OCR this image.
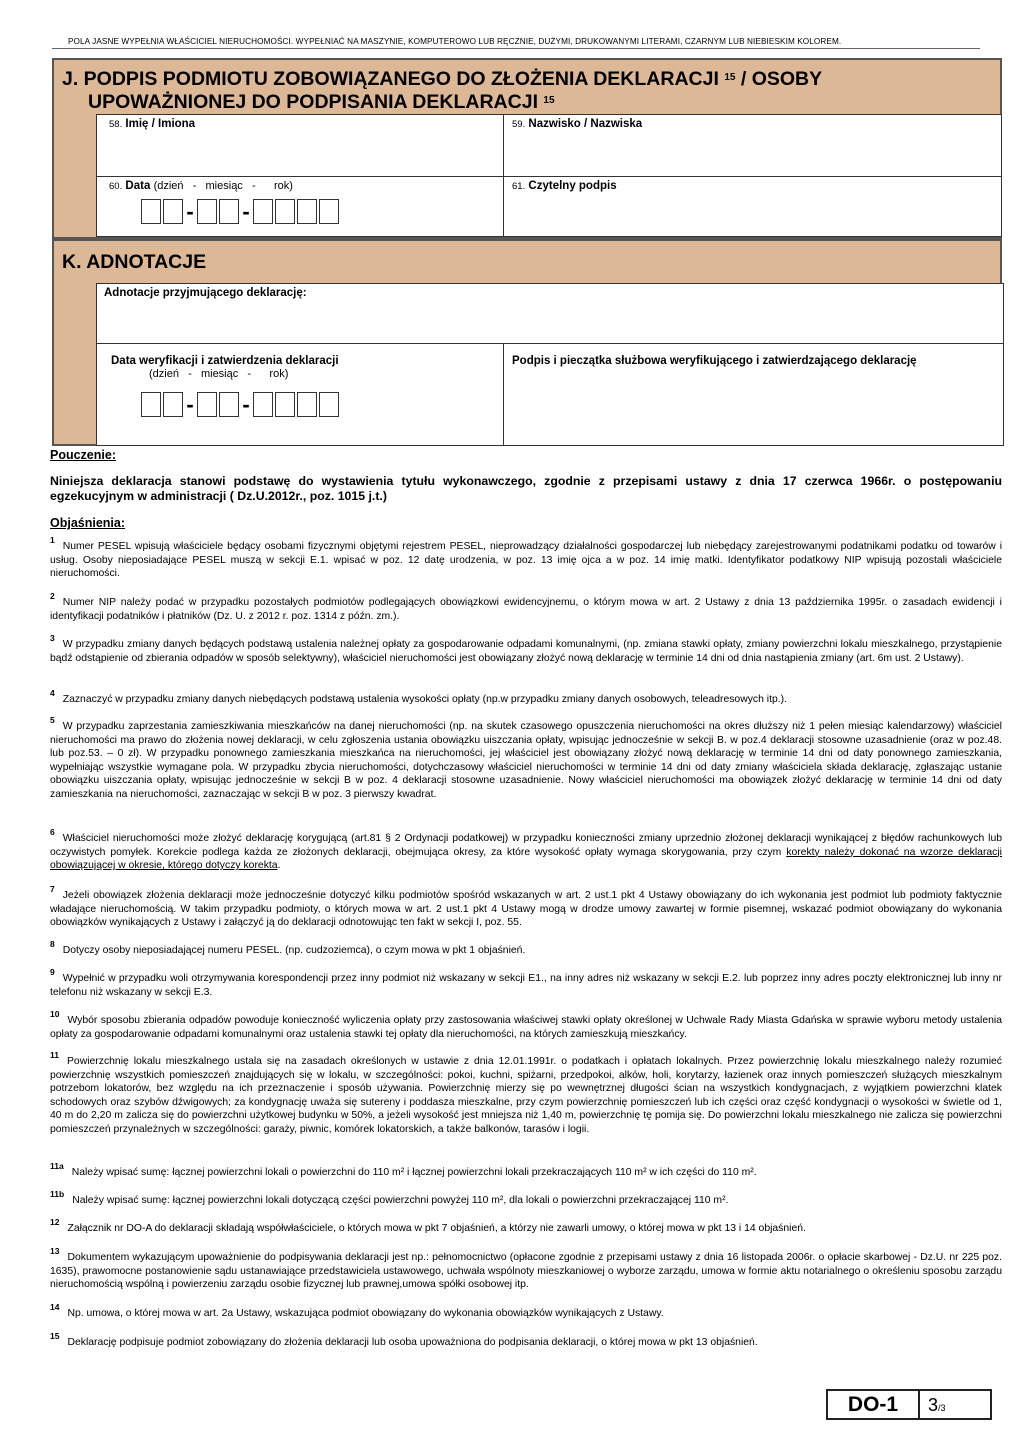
POLA JASNE WYPEŁNIA WŁAŚCICIEL NIERUCHOMOŚCI. WYPEŁNIAĆ NA MASZYNIE, KOMPUTEROWO LUB RĘCZNIE, DUŻYMI, DRUKOWANYMI LITERAMI, CZARNYM LUB NIEBIESKIM KOLOREM.
J. PODPIS PODMIOTU ZOBOWIĄZANEGO DO ZŁOŻENIA DEKLARACJI $^{15}$ / OSOBY
UPOWAŻNIONEJ DO PODPISANIA DEKLARACJI $^{15}$
58. Imię / Imiona	59. Nazwisko / Nazwiska
60. Data (dzień   -   miesiąc   -      rok)
- -
61. Czytelny podpis
K. ADNOTACJE
Adnotacje przyjmującego deklarację:
Data weryfikacji i zatwierdzenia deklaracji
(dzień   -   miesiąc   -      rok)
- -
Podpis i pieczątka służbowa weryfikującego i zatwierdzającego deklarację
Pouczenie:
Niniejsza deklaracja stanowi podstawę do wystawienia tytułu wykonawczego, zgodnie z przepisami ustawy z dnia 17 czerwca 1966r. o postępowaniu egzekucyjnym w administracji ( Dz.U.2012r., poz. 1015 j.t.)
Objaśnienia:
$^1$Numer PESEL wpisują właściciele będący osobami fizycznymi objętymi rejestrem PESEL, nieprowadzący działalności gospodarczej lub niebędący zarejestrowanymi podatnikami podatku od towarów i usług. Osoby nieposiadające PESEL muszą w sekcji E.1. wpisać w poz. 12 datę urodzenia, w poz. 13 imię ojca a w poz. 14 imię matki. Identyfikator podatkowy NIP wpisują pozostali właściciele nieruchomości.
$^2$Numer NIP należy podać w przypadku pozostałych podmiotów podlegających obowiązkowi ewidencyjnemu, o którym mowa w art. 2 Ustawy z dnia 13 października 1995r. o zasadach ewidencji i identyfikacji podatników i płatników (Dz. U. z 2012 r. poz. 1314 z późn. zm.).
$^3$W przypadku zmiany danych będących podstawą ustalenia należnej opłaty za gospodarowanie odpadami komunalnymi, (np. zmiana stawki opłaty, zmiany powierzchni lokalu mieszkalnego, przystąpienie bądź odstąpienie od zbierania odpadów w sposób selektywny), właściciel nieruchomości jest obowiązany złożyć nową deklarację w terminie 14 dni od dnia nastąpienia zmiany (art. 6m ust. 2 Ustawy).
$^4$Zaznaczyć w przypadku zmiany danych niebędących podstawą ustalenia wysokości opłaty (np.w przypadku zmiany danych osobowych, teleadresowych itp.).
$^5$W przypadku zaprzestania zamieszkiwania mieszkańców na danej nieruchomości (np. na skutek czasowego opuszczenia nieruchomości na okres dłuższy niż 1 pełen miesiąc kalendarzowy) właściciel nieruchomości ma prawo do złożenia nowej deklaracji, w celu zgłoszenia ustania obowiązku uiszczania opłaty, wpisując jednocześnie w sekcji B. w poz.4 deklaracji stosowne uzasadnienie (oraz w poz.48. lub poz.53. – 0 zł). W przypadku ponownego zamieszkania mieszkańca na nieruchomości, jej właściciel jest obowiązany złożyć nową deklarację w terminie 14 dni od daty ponownego zamieszkania, wypełniając wszystkie wymagane pola. W przypadku zbycia nieruchomości, dotychczasowy właściciel nieruchomości w terminie 14 dni od daty zmiany właściciela składa deklarację, zgłaszając ustanie obowiązku uiszczania opłaty, wpisując jednocześnie w sekcji B w poz. 4 deklaracji stosowne uzasadnienie. Nowy właściciel nieruchomości ma obowiązek złożyć deklarację w terminie 14 dni od daty zamieszkania na nieruchomości, zaznaczając w sekcji B w poz. 3 pierwszy kwadrat.
$^6$Właściciel nieruchomości może złożyć deklarację korygującą (art.81 § 2 Ordynacji podatkowej) w przypadku konieczności zmiany uprzednio złożonej deklaracji wynikającej z błędów rachunkowych lub oczywistych pomyłek. Korekcie podlega każda ze złożonych deklaracji, obejmująca okresy, za które wysokość opłaty wymaga skorygowania, przy czym korekty należy dokonać na wzorze deklaracji obowiązującej w okresie, którego dotyczy korekta.
$^7$Jeżeli obowiązek złożenia deklaracji może jednocześnie dotyczyć kilku podmiotów spośród wskazanych w art. 2 ust.1 pkt 4 Ustawy obowiązany do ich wykonania jest podmiot lub podmioty faktycznie władające nieruchomością. W takim przypadku podmioty, o których mowa w art. 2 ust.1 pkt 4 Ustawy mogą w drodze umowy zawartej w formie pisemnej, wskazać podmiot obowiązany do wykonania obowiązków wynikających z Ustawy i załączyć ją do deklaracji odnotowując ten fakt w sekcji I, poz. 55.
$^8$Dotyczy osoby nieposiadającej numeru PESEL. (np. cudzoziemca), o czym mowa w pkt 1 objaśnień.
$^9$Wypełnić w przypadku woli otrzymywania korespondencji przez inny podmiot niż wskazany w sekcji E1., na inny adres niż wskazany w sekcji E.2. lub poprzez inny adres poczty elektronicznej lub inny nr telefonu niż wskazany w sekcji E.3.
$^{10}$Wybór sposobu zbierania odpadów powoduje konieczność wyliczenia opłaty przy zastosowania właściwej stawki opłaty określonej w Uchwale Rady Miasta Gdańska w sprawie wyboru metody ustalenia opłaty za gospodarowanie odpadami komunalnymi oraz ustalenia stawki tej opłaty dla nieruchomości, na których zamieszkują mieszkańcy.
$^{11}$Powierzchnię lokalu mieszkalnego ustala się na zasadach określonych w ustawie z dnia 12.01.1991r. o podatkach i opłatach lokalnych. Przez powierzchnię lokalu mieszkalnego należy rozumieć powierzchnię wszystkich pomieszczeń znajdujących się w lokalu, w szczególności: pokoi, kuchni, spiżarni, przedpokoi, alków, holi, korytarzy, łazienek oraz innych pomieszczeń służących mieszkalnym potrzebom lokatorów, bez względu na ich przeznaczenie i sposób używania. Powierzchnię mierzy się po wewnętrznej długości ścian na wszystkich kondygnacjach, z wyjątkiem powierzchni klatek schodowych oraz szybów dźwigowych; za kondygnację uważa się sutereny i poddasza mieszkalne, przy czym powierzchnię pomieszczeń lub ich części oraz część kondygnacji o wysokości w świetle od 1, 40 m do 2,20 m zalicza się do powierzchni użytkowej budynku w 50%, a jeżeli wysokość jest mniejsza niż 1,40 m, powierzchnię tę pomija się. Do powierzchni lokalu mieszkalnego nie zalicza się powierzchni pomieszczeń przynależnych w szczególności: garaży, piwnic, komórek lokatorskich, a także balkonów, tarasów i logii.
$^{11a}$Należy wpisać sumę: łącznej powierzchni lokali o powierzchni do 110 m² i łącznej powierzchni lokali przekraczających 110 m² w ich części do 110 m².
$^{11b}$Należy wpisać sumę: łącznej powierzchni lokali dotyczącą części powierzchni powyżej 110 m², dla lokali o powierzchni przekraczającej 110 m².
$^{12}$Załącznik nr DO-A do deklaracji składają współwłaściciele, o których mowa w pkt 7 objaśnień, a którzy nie zawarli umowy, o której mowa w pkt 13 i 14 objaśnień.
$^{13}$Dokumentem wykazującym upoważnienie do podpisywania deklaracji jest np.: pełnomocnictwo (opłacone zgodnie z przepisami ustawy z dnia 16 listopada 2006r. o opłacie skarbowej - Dz.U. nr 225 poz. 1635), prawomocne postanowienie sądu ustanawiające przedstawiciela ustawowego, uchwała wspólnoty mieszkaniowej o wyborze zarządu, umowa w formie aktu notarialnego o określeniu sposobu zarządu nieruchomością wspólną i powierzeniu zarządu osobie fizycznej lub prawnej,umowa spółki osobowej itp.
$^{14}$Np. umowa, o której mowa w art. 2a Ustawy, wskazująca podmiot obowiązany do wykonania obowiązków wynikających z Ustawy.
$^{15}$Deklarację podpisuje podmiot zobowiązany do złożenia deklaracji lub osoba upoważniona do podpisania deklaracji, o której mowa w pkt 13 objaśnień.
DO-1	3/3
